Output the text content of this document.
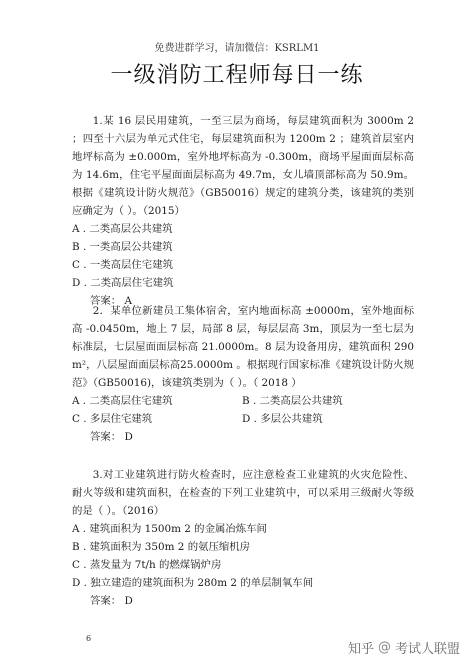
免费进群学习，请加微信：KSRLM1
一级消防工程师每日一练

1.某 16 层民用建筑，一至三层为商场，每层建筑面积为 3000m 2 ；四至十六层为单元式住宅，每层建筑面积为 1200m 2 ；建筑首层室内地坪标高为 ±0.000m，室外地坪标高为 -0.300m，商场平屋面面层标高为 14.6m，住宅平屋面面层标高为 49.7m，女儿墙顶部标高为 50.9m。根据《建筑设计防火规范》（GB50016）规定的建筑分类，该建筑的类别应确定为（ ）。（2015）

A . 二类高层公共建筑
B . 一类高层公共建筑
C . 一类高层住宅建筑
D . 二类高层住宅建筑
答案： A

2．某单位新建员工集体宿舍，室内地面标高 ±0000m，室外地面标高 -0.0450m，地上 7 层，局部 8 层，每层层高 3m，顶层为一至七层为标准层，七层屋面面层标高 21.0000m。8 层为设备用房，建筑面积 290 m²，八层屋面面层标高25.0000m 。根据现行国家标准《建筑设计防火规范》（GB50016)，该建筑类别为（ ）。（ 2018 ）

A . 二类高层住宅建筑	B . 二类高层公共建筑
C . 多层住宅建筑	D . 多层公共建筑
答案： D

3.对工业建筑进行防火检查时，应注意检查工业建筑的火灾危险性、耐火等级和建筑面积，在检查的下列工业建筑中，可以采用三级耐火等级的是（ ）。（2016）

A . 建筑面积为 1500m 2 的金属冶炼车间
B . 建筑面积为 350m 2 的氨压缩机房
C . 蒸发量为 7t/h 的燃煤锅炉房
D . 独立建造的建筑面积为 280m 2 的单层制氧车间
答案： D
6
知乎 @ 考试人联盟
